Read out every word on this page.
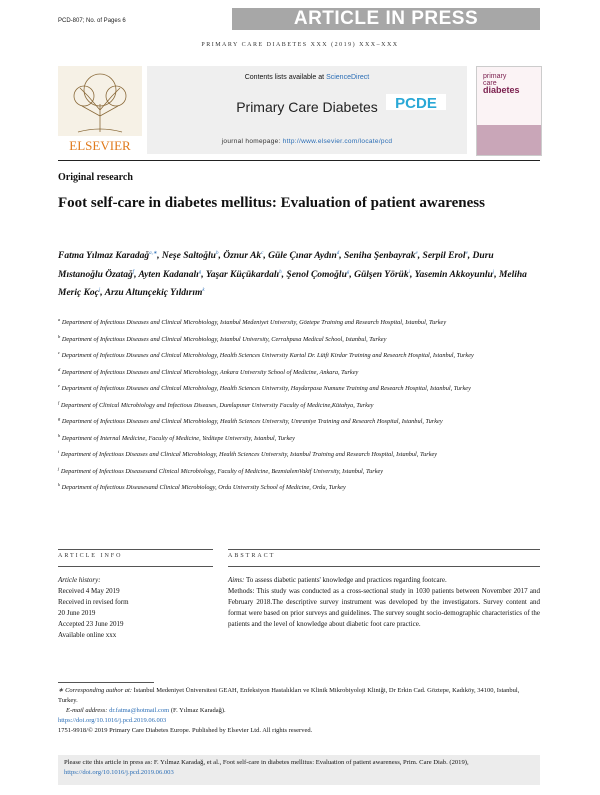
PCD-807; No. of Pages 6	ARTICLE IN PRESS
PRIMARY CARE DIABETES XXX (2019) XXX–XXX
ELSEVIER
Contents lists available at ScienceDirect
Primary Care Diabetes
journal homepage: http://www.elsevier.com/locate/pcd
PCDE
primary
care
diabetes
Original research
Foot self-care in diabetes mellitus: Evaluation of patient awareness
Fatma Yılmaz Karadağ$^{a,∗}$, Neşe Saltoğlu$^b$, Öznur Ak$^c$, Güle Çınar Aydın$^d$, Seniha Şenbayrak$^e$, Serpil Erol$^e$, Duru Mıstanoğlu Özatağ$^f$, Ayten Kadanalı$^g$, Yaşar Küçükardalı$^h$, Şenol Çomoğlu$^g$, Gülşen Yörük$^i$, Yasemin Akkoyunlu$^j$, Meliha Meriç Koç$^j$, Arzu Altunçekiç Yıldırım$^k$
$^a$ Department of Infectious Diseases and Clinical Microbiology, Istanbul Medeniyet University, Göztepe Training and Research Hospital, Istanbul, Turkey
$^b$ Department of Infectious Diseases and Clinical Microbiology, Istanbul University, Cerrahpasa Medical School, Istanbul, Turkey
$^c$ Department of Infectious Diseases and Clinical Microbiology, Health Sciences University Kartal Dr. Lütfi Kirdar Training and Research Hospital, Istanbul, Turkey
$^d$ Department of Infectious Diseases and Clinical Microbiology, Ankara University School of Medicine, Ankara, Turkey
$^e$ Department of Infectious Diseases and Clinical Microbiology, Health Sciences University, Haydarpasa Numune Training and Research Hospital, Istanbul, Turkey
$^f$ Department of Clinical Microbiology and Infectious Diseases, Dumlupınar University Faculty of Medicine,Kütahya, Turkey
$^g$ Department of Infectious Diseases and Clinical Microbiology, Health Sciences University, Umraniye Training and Research Hospital, Istanbul, Turkey
$^h$ Department of Internal Medicine, Faculty of Medicine, Yeditepe University, Istanbul, Turkey
$^i$ Department of Infectious Diseases and Clinical Microbiology, Health Sciences University, Istanbul Training and Research Hospital, Istanbul, Turkey
$^j$ Department of Infectious Diseasesand Clinical Microbiology, Faculty of Medicine, BezmialemVakif University, Istanbul, Turkey
$^k$ Department of Infectious Diseasesand Clinical Microbiology, Ordu University School of Medicine, Ordu, Turkey
ARTICLE INFO	ABSTRACT
Article history:
Received 4 May 2019
Received in revised form
20 June 2019
Accepted 23 June 2019
Available online xxx
Aims: To assess diabetic patients' knowledge and practices regarding footcare.
Methods: This study was conducted as a cross-sectional study in 1030 patients between November 2017 and February 2018.The descriptive survey instrument was developed by the investigators. Survey content and format were based on prior surveys and guidelines. The survey sought socio-demographic characteristics of the patients and the level of knowledge about diabetic foot care practice.
∗ Corresponding author at: İstanbul Medeniyet Üniversitesi GEAH, Enfeksiyon Hastalıkları ve Klinik Mikrobiyoloji Kliniği, Dr Erkin Cad. Göztepe, Kadıköy, 34100, Istanbul, Turkey.
E-mail address: dr.fatma@hotmail.com (F. Yılmaz Karadağ).
https://doi.org/10.1016/j.pcd.2019.06.003
1751-9918/© 2019 Primary Care Diabetes Europe. Published by Elsevier Ltd. All rights reserved.
Please cite this article in press as: F. Yılmaz Karadağ, et al., Foot self-care in diabetes mellitus: Evaluation of patient awareness, Prim. Care Diab. (2019), https://doi.org/10.1016/j.pcd.2019.06.003
